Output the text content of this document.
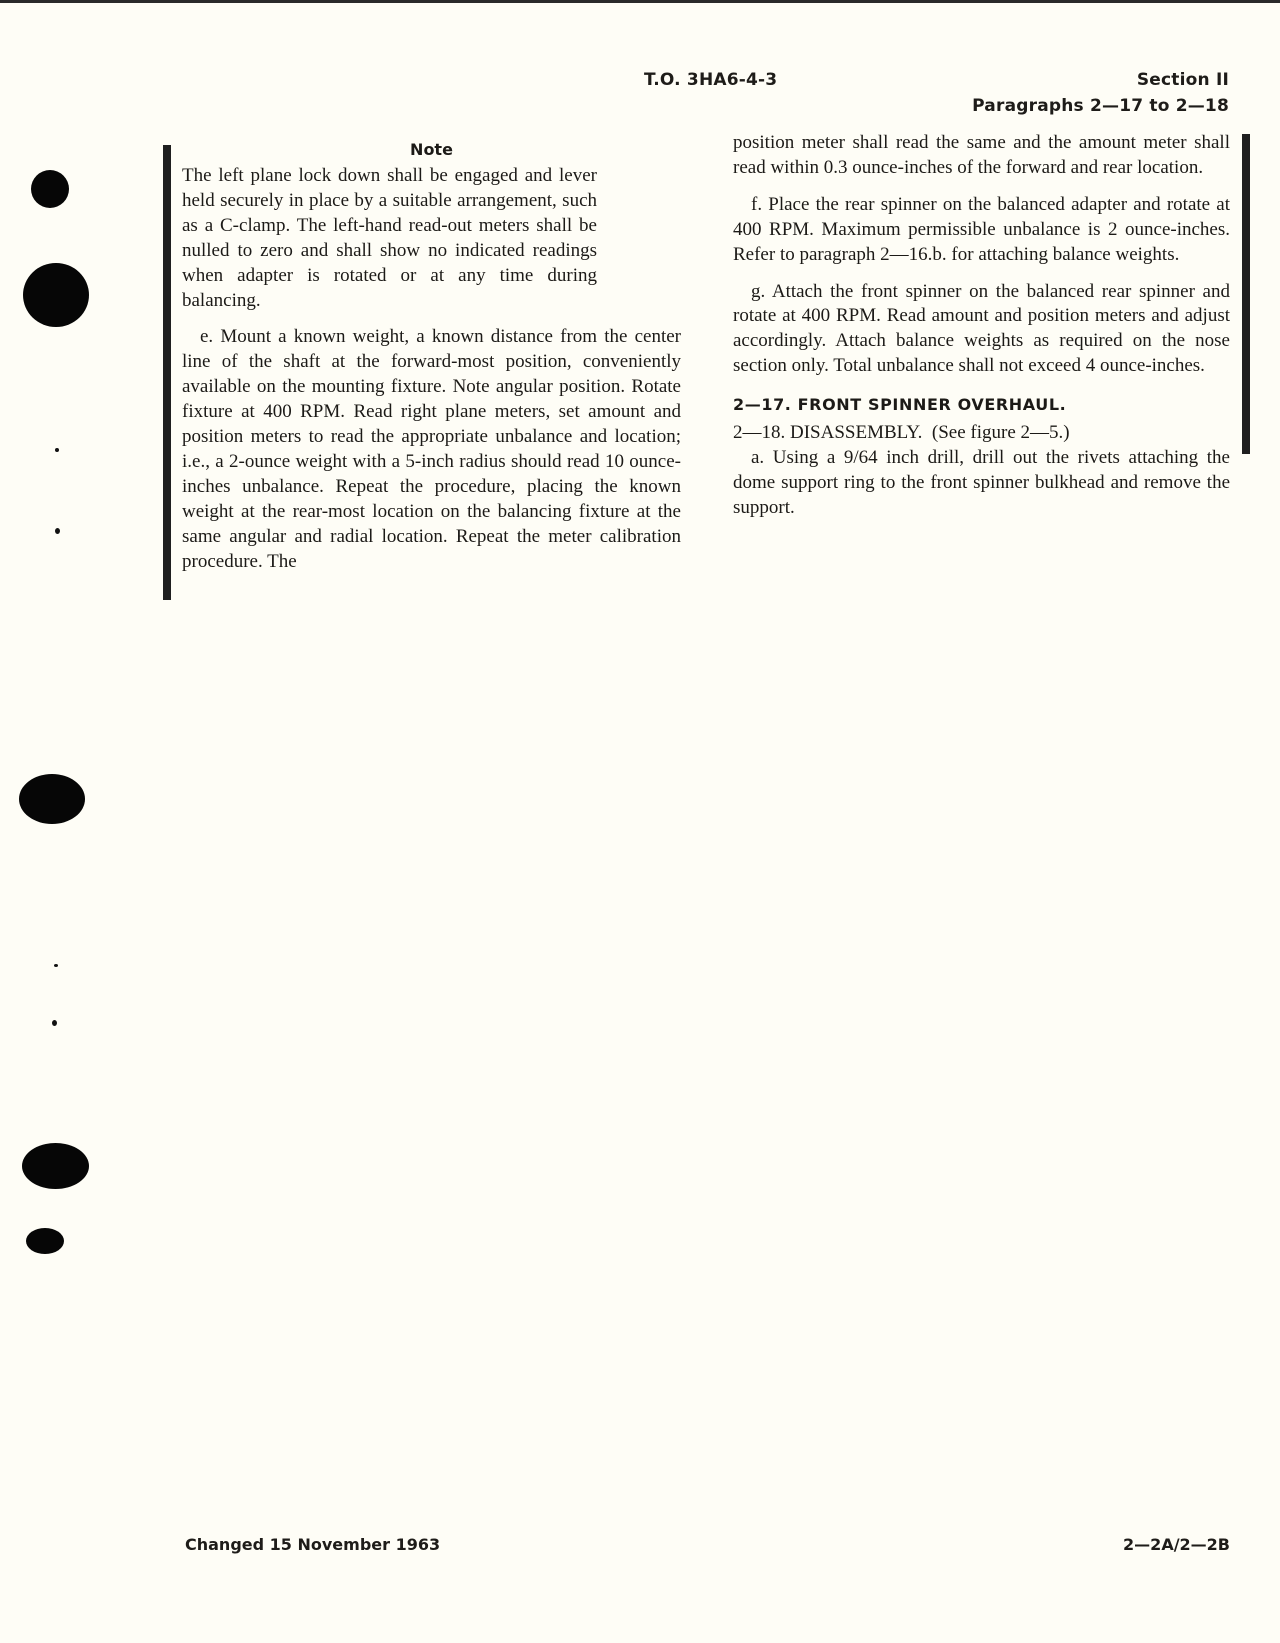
T.O. 3HA6-4-3	Section II
Paragraphs 2—17 to 2—18
Note

The left plane lock down shall be engaged and lever held securely in place by a suitable arrangement, such as a C-clamp. The left-hand read-out meters shall be nulled to zero and shall show no indicated readings when adapter is rotated or at any time during balancing.

e. Mount a known weight, a known distance from the center line of the shaft at the forward-most position, conveniently available on the mounting fixture. Note angular position. Rotate fixture at 400 RPM. Read right plane meters, set amount and position meters to read the appropriate unbalance and location; i.e., a 2-ounce weight with a 5-inch radius should read 10 ounce-inches unbalance. Repeat the procedure, placing the known weight at the rear-most location on the balancing fixture at the same angular and radial location. Repeat the meter calibration procedure. The

position meter shall read the same and the amount meter shall read within 0.3 ounce-inches of the forward and rear location.

f. Place the rear spinner on the balanced adapter and rotate at 400 RPM. Maximum permissible unbalance is 2 ounce-inches. Refer to paragraph 2—16.b. for attaching balance weights.

g. Attach the front spinner on the balanced rear spinner and rotate at 400 RPM. Read amount and position meters and adjust accordingly. Attach balance weights as required on the nose section only. Total unbalance shall not exceed 4 ounce-inches.

2—17. FRONT SPINNER OVERHAUL.

2—18. DISASSEMBLY.  (See figure 2—5.)

a. Using a 9/64 inch drill, drill out the rivets attaching the dome support ring to the front spinner bulkhead and remove the support.

Changed 15 November 1963	2—2A/2—2B
